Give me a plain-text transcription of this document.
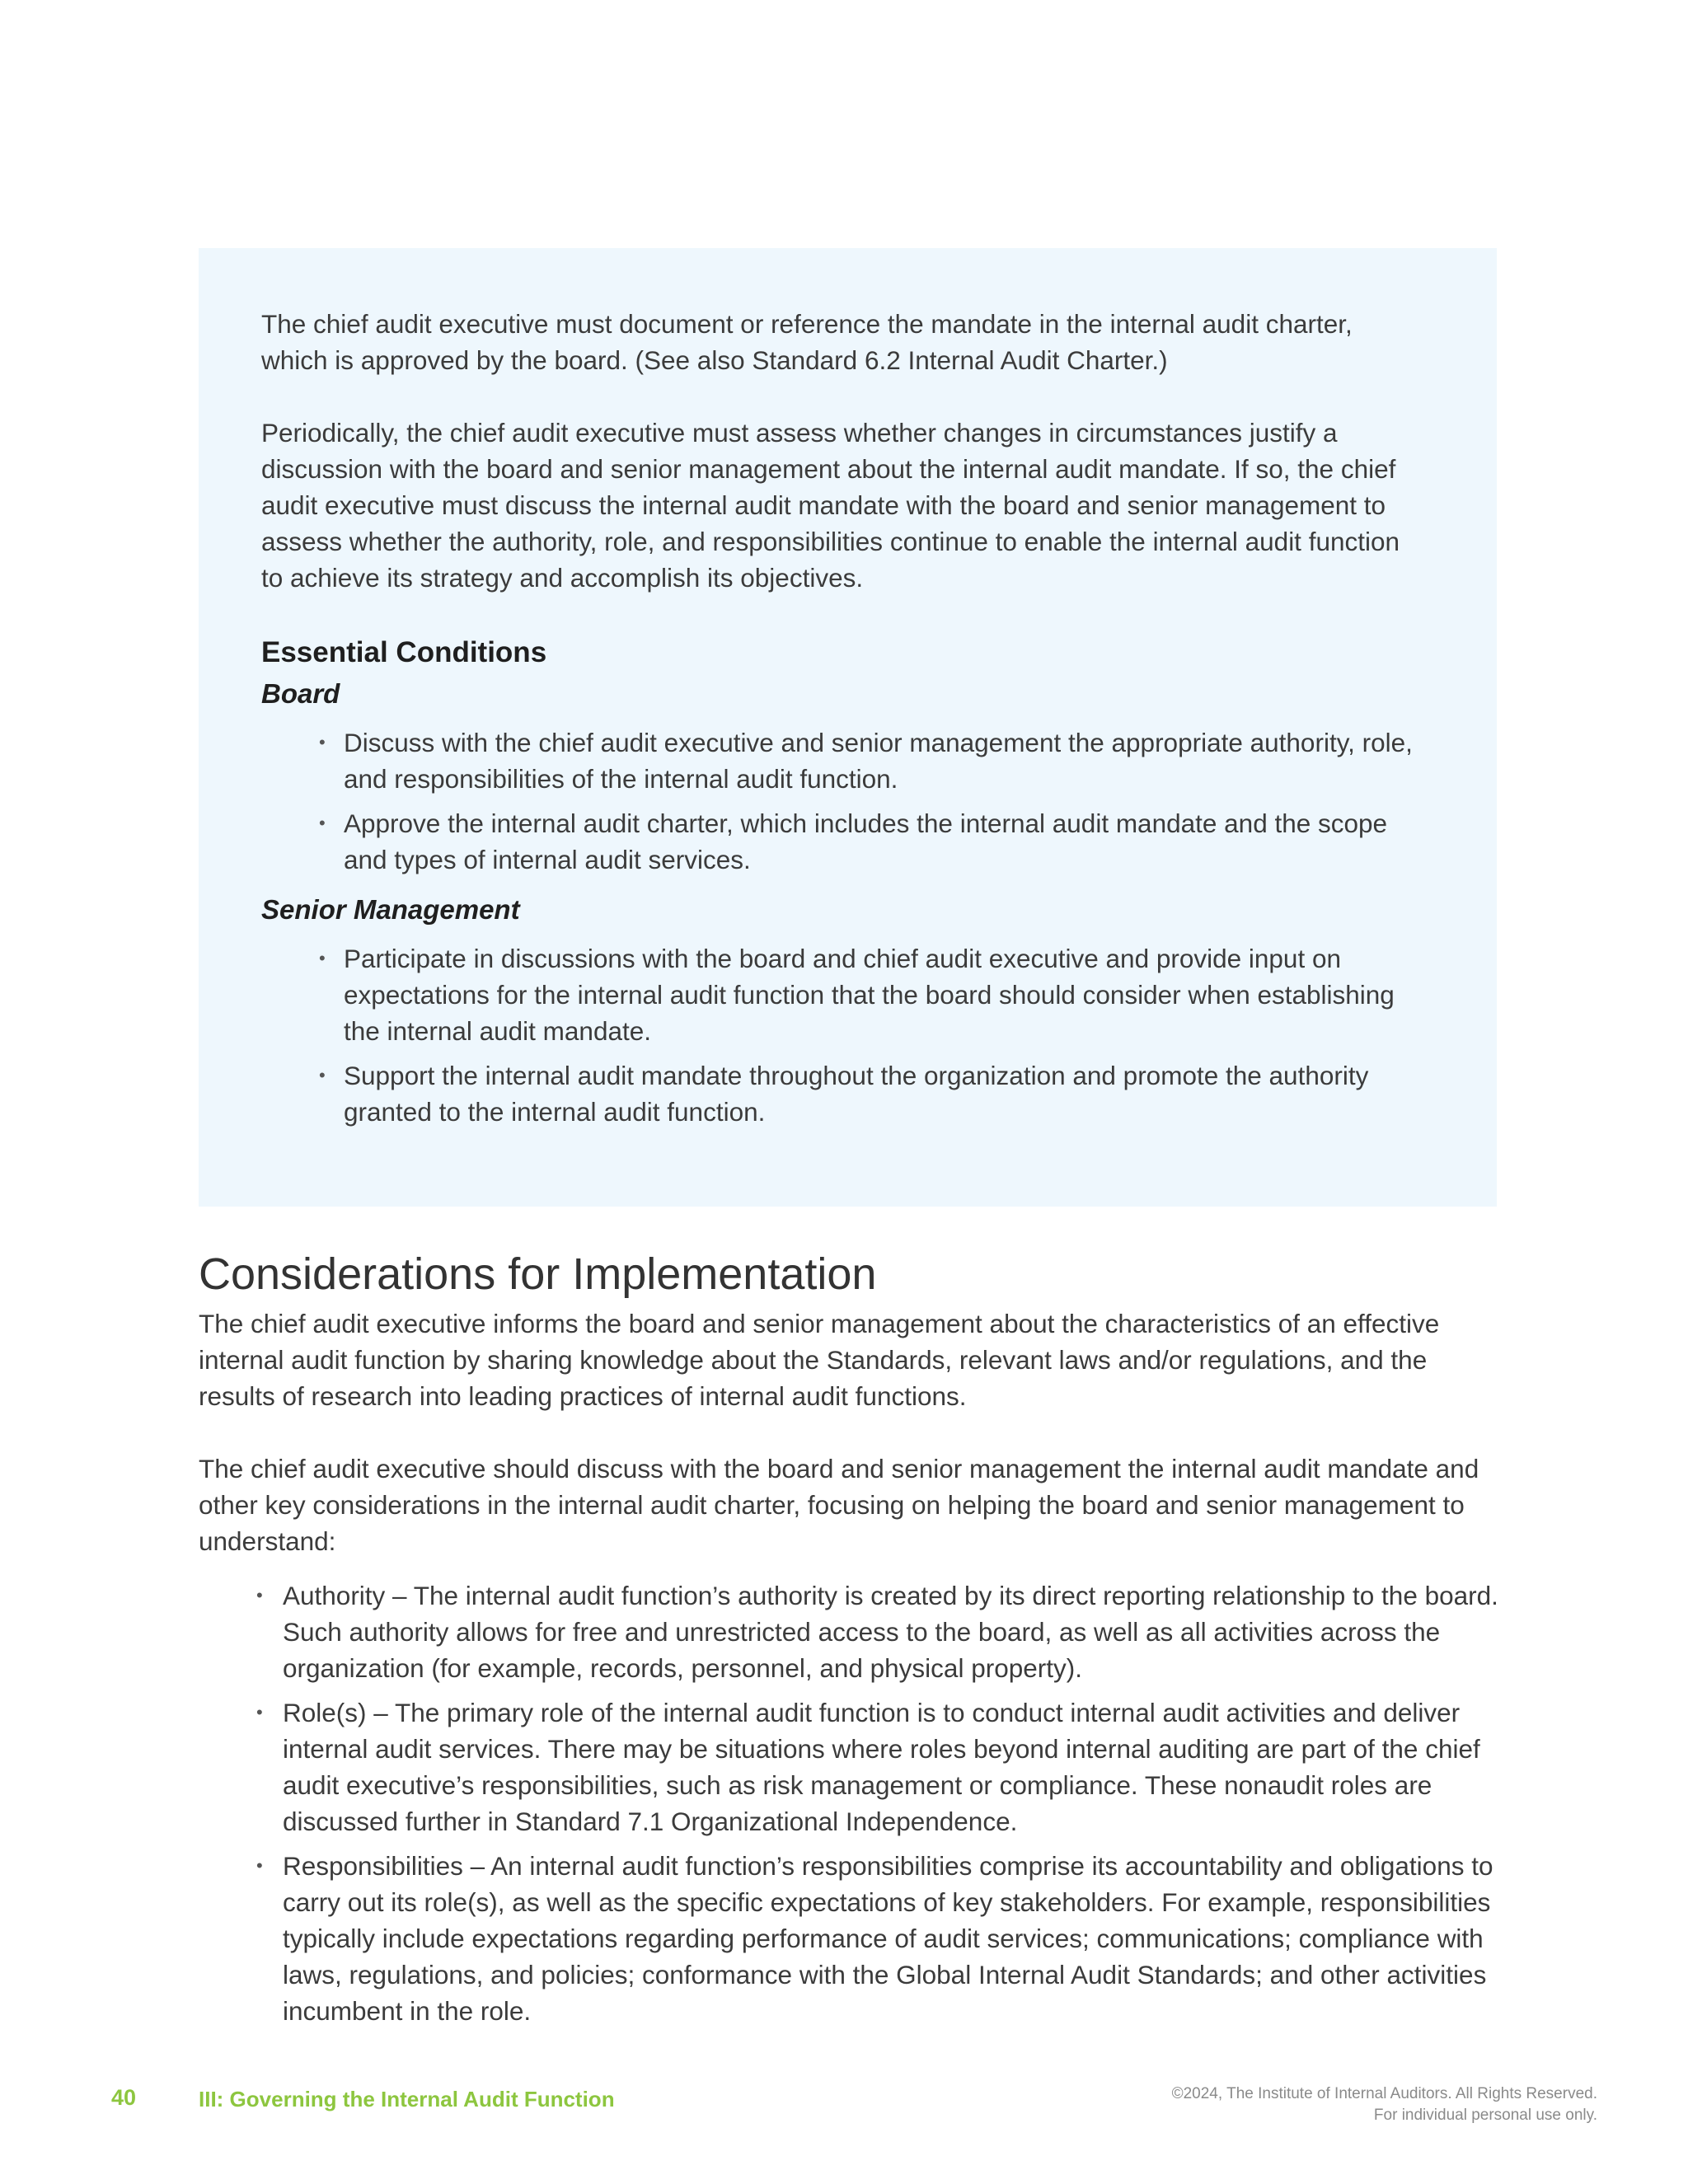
The chief audit executive must document or reference the mandate in the internal audit charter, which is approved by the board. (See also Standard 6.2 Internal Audit Charter.)

Periodically, the chief audit executive must assess whether changes in circumstances justify a discussion with the board and senior management about the internal audit mandate. If so, the chief audit executive must discuss the internal audit mandate with the board and senior management to assess whether the authority, role, and responsibilities continue to enable the internal audit function to achieve its strategy and accomplish its objectives.

Essential Conditions
Board
• Discuss with the chief audit executive and senior management the appropriate authority, role, and responsibilities of the internal audit function.
• Approve the internal audit charter, which includes the internal audit mandate and the scope and types of internal audit services.
Senior Management
• Participate in discussions with the board and chief audit executive and provide input on expectations for the internal audit function that the board should consider when establishing the internal audit mandate.
• Support the internal audit mandate throughout the organization and promote the authority granted to the internal audit function.
Considerations for Implementation

The chief audit executive informs the board and senior management about the characteristics of an effective internal audit function by sharing knowledge about the Standards, relevant laws and/or regulations, and the results of research into leading practices of internal audit functions.

The chief audit executive should discuss with the board and senior management the internal audit mandate and other key considerations in the internal audit charter, focusing on helping the board and senior management to understand:

• Authority – The internal audit function’s authority is created by its direct reporting relationship to the board. Such authority allows for free and unrestricted access to the board, as well as all activities across the organization (for example, records, personnel, and physical property).
• Role(s) – The primary role of the internal audit function is to conduct internal audit activities and deliver internal audit services. There may be situations where roles beyond internal auditing are part of the chief audit executive’s responsibilities, such as risk management or compliance. These nonaudit roles are discussed further in Standard 7.1 Organizational Independence.
• Responsibilities – An internal audit function’s responsibilities comprise its accountability and obligations to carry out its role(s), as well as the specific expectations of key stakeholders. For example, responsibilities typically include expectations regarding performance of audit services; communications; compliance with laws, regulations, and policies; conformance with the Global Internal Audit Standards; and other activities incumbent in the role.
40	III: Governing the Internal Audit Function	©2024, The Institute of Internal Auditors. All Rights Reserved.
For individual personal use only.
